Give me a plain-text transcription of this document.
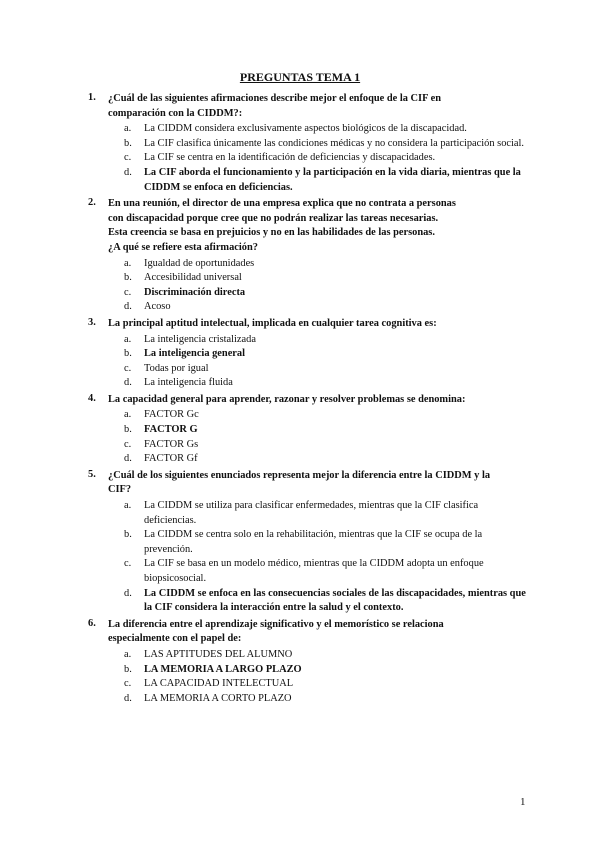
PREGUNTAS TEMA 1
1. ¿Cuál de las siguientes afirmaciones describe mejor el enfoque de la CIF en
comparación con la CIDDM?:
a. La CIDDM considera exclusivamente aspectos biológicos de la discapacidad.
b. La CIF clasifica únicamente las condiciones médicas y no considera la participación social.
c. La CIF se centra en la identificación de deficiencias y discapacidades.
d. La CIF aborda el funcionamiento y la participación en la vida diaria, mientras que la CIDDM se enfoca en deficiencias.
2. En una reunión, el director de una empresa explica que no contrata a personas
con discapacidad porque cree que no podrán realizar las tareas necesarias.
Esta creencia se basa en prejuicios y no en las habilidades de las personas.
¿A qué se refiere esta afirmación?
a. Igualdad de oportunidades
b. Accesibilidad universal
c. Discriminación directa
d. Acoso
3. La principal aptitud intelectual, implicada en cualquier tarea cognitiva es:
a. La inteligencia cristalizada
b. La inteligencia general
c. Todas por igual
d. La inteligencia fluida
4. La capacidad general para aprender, razonar y resolver problemas se denomina:
a. FACTOR Gc
b. FACTOR G
c. FACTOR Gs
d. FACTOR Gf
5. ¿Cuál de los siguientes enunciados representa mejor la diferencia entre la CIDDM y la
CIF?
a. La CIDDM se utiliza para clasificar enfermedades, mientras que la CIF clasifica deficiencias.
b. La CIDDM se centra solo en la rehabilitación, mientras que la CIF se ocupa de la prevención.
c. La CIF se basa en un modelo médico, mientras que la CIDDM adopta un enfoque biopsicosocial.
d. La CIDDM se enfoca en las consecuencias sociales de las discapacidades, mientras que la CIF considera la interacción entre la salud y el contexto.
6. La diferencia entre el aprendizaje significativo y el memorístico se relaciona
especialmente con el papel de:
a. LAS APTITUDES DEL ALUMNO
b. LA MEMORIA A LARGO PLAZO
c. LA CAPACIDAD INTELECTUAL
d. LA MEMORIA A CORTO PLAZO
1
